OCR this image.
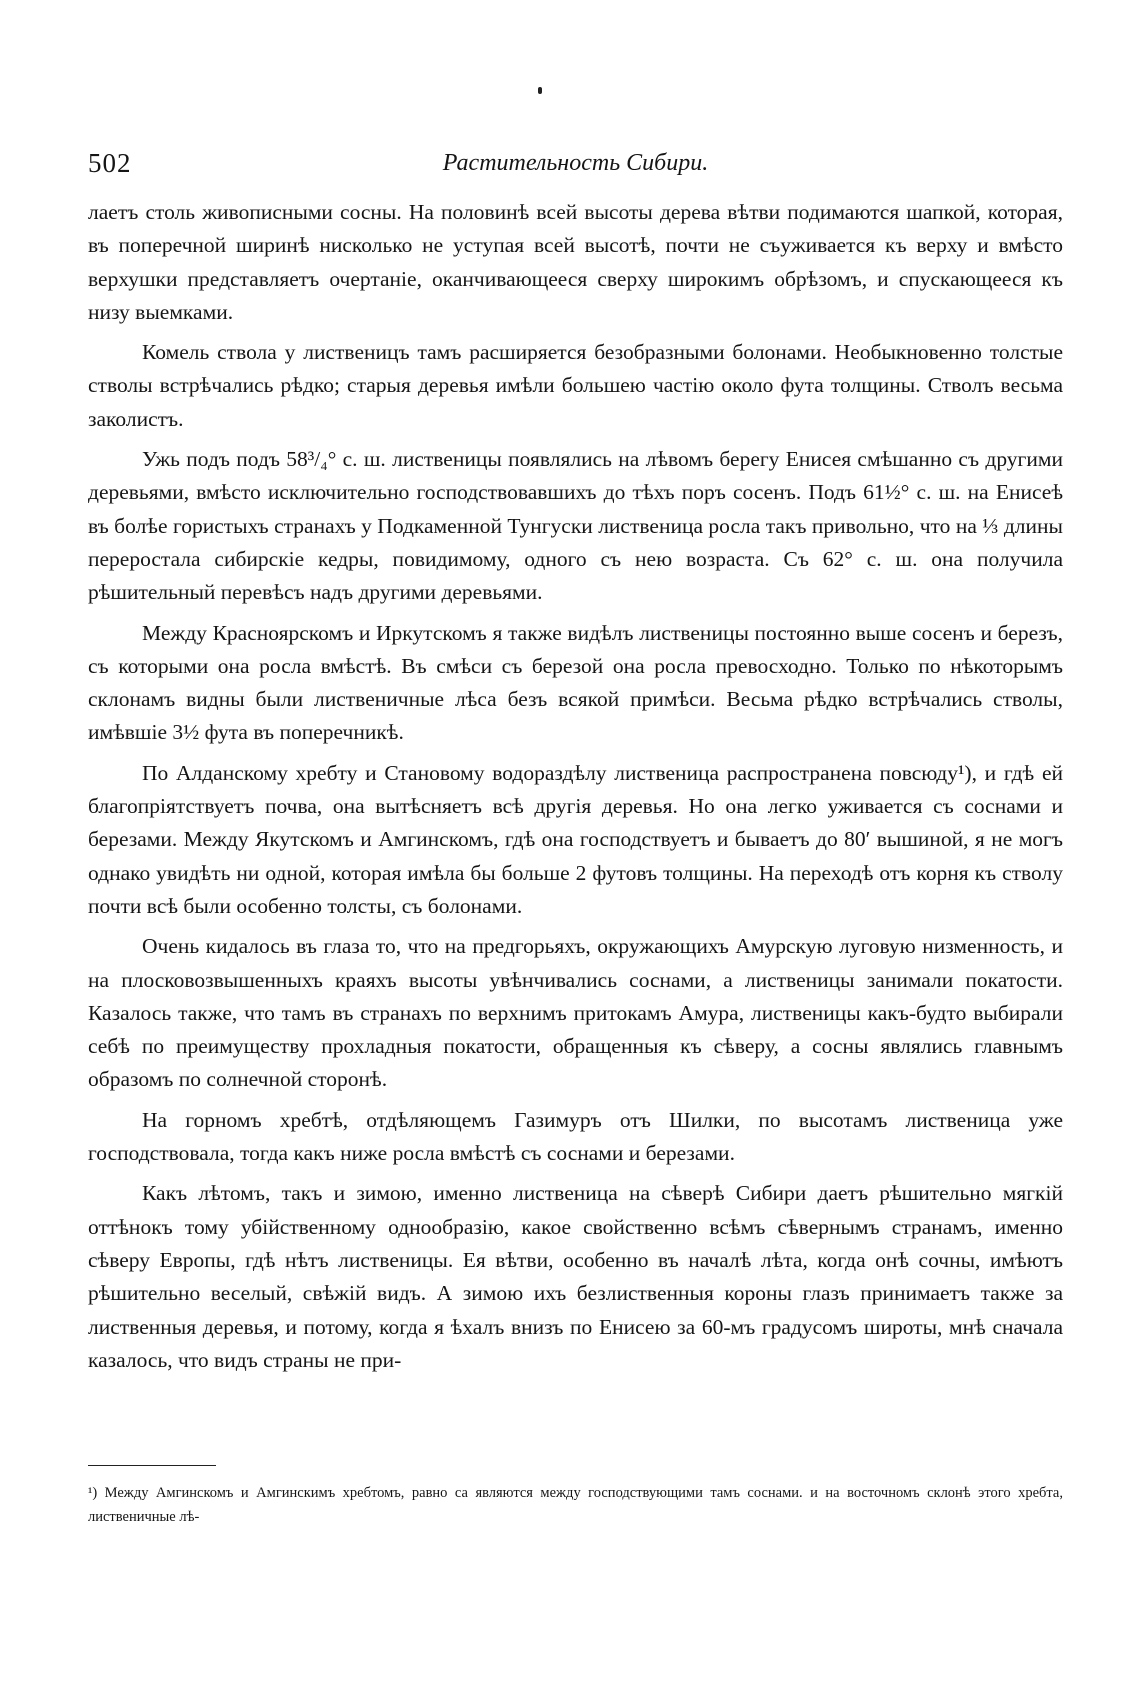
502	Растительность Сибири.

лаетъ столь живописными сосны. На половинѣ всей высоты дерева вѣтви подимаются шапкой, которая, въ поперечной ширинѣ нисколько не уступая всей высотѣ, почти не съуживается къ верху и вмѣсто верхушки представляетъ очертаніе, оканчивающееся сверху широкимъ обрѣзомъ, и спускающееся къ низу выемками.

Комель ствола у лиственицъ тамъ расширяется безобразными болонами. Необыкновенно толстые стволы встрѣчались рѣдко; старыя деревья имѣли большею частію около фута толщины. Стволъ весьма заколистъ.

Ужь подъ подъ 58³/₄° с. ш. лиственицы появлялись на лѣвомъ берегу Енисея смѣшанно съ другими деревьями, вмѣсто исключительно господствовавшихъ до тѣхъ поръ сосенъ. Подъ 61½° с. ш. на Енисеѣ въ болѣе гористыхъ странахъ у Подкаменной Тунгуски лиственица росла такъ привольно, что на ⅓ длины переростала сибирскіе кедры, повидимому, одного съ нею возраста. Съ 62° с. ш. она получила рѣшительный перевѣсъ надъ другими деревьями.

Между Красноярскомъ и Иркутскомъ я также видѣлъ лиственицы постоянно выше сосенъ и березъ, съ которыми она росла вмѣстѣ. Въ смѣси съ березой она росла превосходно. Только по нѣкоторымъ склонамъ видны были лиственичные лѣса безъ всякой примѣси. Весьма рѣдко встрѣчались стволы, имѣвшіе 3½ фута въ поперечникѣ.

По Алданскому хребту и Становому водораздѣлу лиственица распространена повсюду¹), и гдѣ ей благопріятствуетъ почва, она вытѣсняетъ всѣ другія деревья. Но она легко уживается съ соснами и березами. Между Якутскомъ и Амгинскомъ, гдѣ она господствуетъ и бываетъ до 80′ вышиной, я не могъ однако увидѣть ни одной, которая имѣла бы больше 2 футовъ толщины. На переходѣ отъ корня къ стволу почти всѣ были особенно толсты, съ болонами.

Очень кидалось въ глаза то, что на предгорьяхъ, окружающихъ Амурскую луговую низменность, и на плосковозвышенныхъ краяхъ высоты увѣнчивались соснами, а лиственицы занимали покатости. Казалось также, что тамъ въ странахъ по верхнимъ притокамъ Амура, лиственицы какъ-будто выбирали себѣ по преимуществу прохладныя покатости, обращенныя къ сѣверу, а сосны являлись главнымъ образомъ по солнечной сторонѣ.

На горномъ хребтѣ, отдѣляющемъ Газимуръ отъ Шилки, по высотамъ лиственица уже господствовала, тогда какъ ниже росла вмѣстѣ съ соснами и березами.

Какъ лѣтомъ, такъ и зимою, именно лиственица на сѣверѣ Сибири даетъ рѣшительно мягкій оттѣнокъ тому убійственному однообразію, какое свойственно всѣмъ сѣвернымъ странамъ, именно сѣверу Европы, гдѣ нѣтъ лиственицы. Ея вѣтви, особенно въ началѣ лѣта, когда онѣ сочны, имѣютъ рѣшительно веселый, свѣжій видъ. А зимою ихъ безлиственныя короны глазъ принимаетъ также за лиственныя деревья, и потому, когда я ѣхалъ внизъ по Енисею за 60-мъ градусомъ широты, мнѣ сначала казалось, что видъ страны не при-

¹) Между Амгинскомъ и Амгинскимъ хребтомъ, равно са являются между господствующими тамъ соснами. и на восточномъ склонѣ этого хребта, лиственичные лѣ-
